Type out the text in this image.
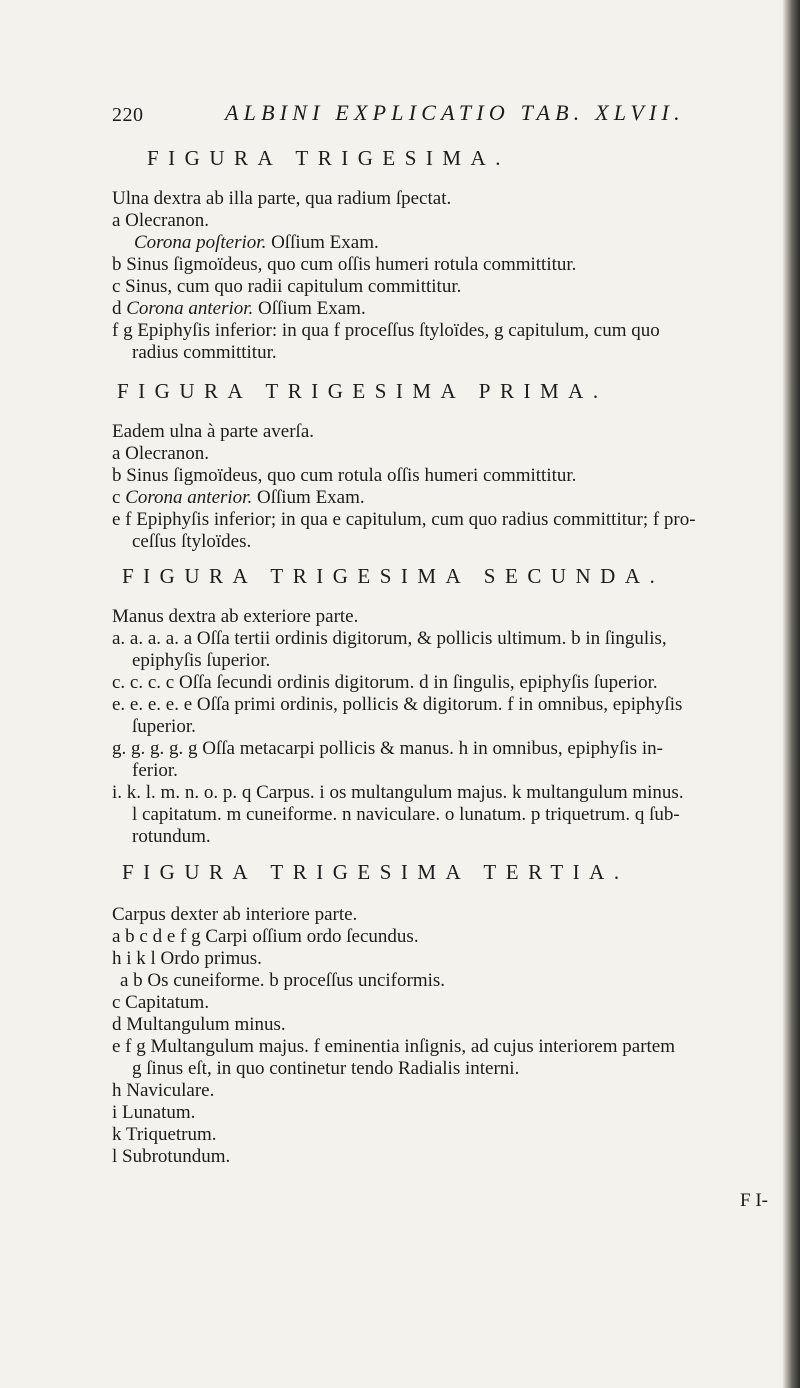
220	ALBINI EXPLICATIO TAB. XLVII.
FIGURA TRIGESIMA.
Ulna dextra ab illa parte, qua radium ſpectat.
a Olecranon.
Corona poſterior. Oſſium Exam.
b Sinus ſigmoïdeus, quo cum oſſis humeri rotula committitur.
c Sinus, cum quo radii capitulum committitur.
d Corona anterior. Oſſium Exam.
f g Epiphyſis inferior: in qua f proceſſus ſtyloïdes, g capitulum, cum quo
radius committitur.
FIGURA TRIGESIMA PRIMA.
Eadem ulna à parte averſa.
a Olecranon.
b Sinus ſigmoïdeus, quo cum rotula oſſis humeri committitur.
c Corona anterior. Oſſium Exam.
e f Epiphyſis inferior; in qua e capitulum, cum quo radius committitur; f pro-
ceſſus ſtyloïdes.
FIGURA TRIGESIMA SECUNDA.
Manus dextra ab exteriore parte.
a. a. a. a. a Oſſa tertii ordinis digitorum, & pollicis ultimum. b in ſingulis,
epiphyſis ſuperior.
c. c. c. c Oſſa ſecundi ordinis digitorum. d in ſingulis, epiphyſis ſuperior.
e. e. e. e. e Oſſa primi ordinis, pollicis & digitorum. f in omnibus, epiphyſis
ſuperior.
g. g. g. g. g Oſſa metacarpi pollicis & manus. h in omnibus, epiphyſis in-
ferior.
i. k. l. m. n. o. p. q Carpus. i os multangulum majus. k multangulum minus.
l capitatum. m cuneiforme. n naviculare. o lunatum. p triquetrum. q ſub-
rotundum.
FIGURA TRIGESIMA TERTIA.
Carpus dexter ab interiore parte.
a b c d e f g Carpi oſſium ordo ſecundus.
h i k l Ordo primus.
a b Os cuneiforme. b proceſſus unciformis.
c Capitatum.
d Multangulum minus.
e f g Multangulum majus. f eminentia inſignis, ad cujus interiorem partem
g ſinus eſt, in quo continetur tendo Radialis interni.
h Naviculare.
i Lunatum.
k Triquetrum.
l Subrotundum.
F I-
